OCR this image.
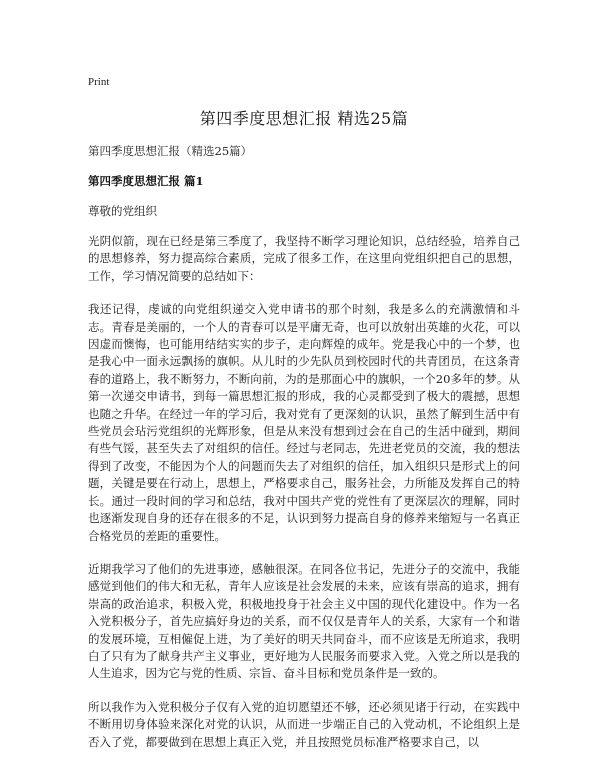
Print
第四季度思想汇报 精选25篇

第四季度思想汇报（精选25篇）

第四季度思想汇报 篇1

尊敬的党组织

光阴似箭，现在已经是第三季度了，我坚持不断学习理论知识，总结经验，培养自己的思想修养，努力提高综合素质，完成了很多工作，在这里向党组织把自己的思想，工作，学习情况简要的总结如下：

我还记得，虔诚的向党组织递交入党申请书的那个时刻，我是多么的充满激情和斗志。青春是美丽的，一个人的青春可以是平庸无奇，也可以放射出英雄的火花，可以因虚而懊悔，也可能用结结实实的步子，走向辉煌的成年。党是我心中的一个梦，也是我心中一面永远飘扬的旗帜。从儿时的少先队员到校园时代的共青团员，在这条青春的道路上，我不断努力，不断向前，为的是那面心中的旗帜，一个20多年的梦。从第一次递交申请书，到每一篇思想汇报的形成，我的心灵都受到了极大的震撼，思想也随之升华。在经过一年的学习后，我对党有了更深刻的认识，虽然了解到生活中有些党员会玷污党组织的光辉形象，但是从来没有想到过会在自己的生活中碰到，期间有些气馁，甚至失去了对组织的信任。经过与老同志，先进老党员的交流，我的想法得到了改变，不能因为个人的问题而失去了对组织的信任，加入组织只是形式上的问题，关键是要在行动上，思想上，严格要求自己，服务社会，力所能及发挥自己的特长。通过一段时间的学习和总结，我对中国共产党的党性有了更深层次的理解，同时也逐渐发现自身的还存在很多的不足，认识到努力提高自身的修养来缩短与一名真正合格党员的差距的重要性。

近期我学习了他们的先进事迹，感触很深。在同各位书记，先进分子的交流中，我能感觉到他们的伟大和无私，青年人应该是社会发展的未来，应该有崇高的追求，拥有崇高的政治追求，积极入党，积极地投身于社会主义中国的现代化建设中。作为一名入党积极分子，首先应搞好身边的关系，而不仅仅是青年人的关系，大家有一个和谐的发展环境，互相僱促上进，为了美好的明天共同奋斗，而不应该是无所追求，我明白了只有为了献身共产主义事业，更好地为人民服务而要求入党。入党之所以是我的人生追求，因为它与党的性质、宗旨、奋斗目标和党员条件是一致的。

所以我作为入党积极分子仅有入党的迫切愿望还不够，还必须见诸于行动，在实践中不断用切身体验来深化对党的认识，从而进一步端正自己的入党动机，不论组织上是否入了党，都要做到在思想上真正入党，并且按照党员标准严格要求自己，以
